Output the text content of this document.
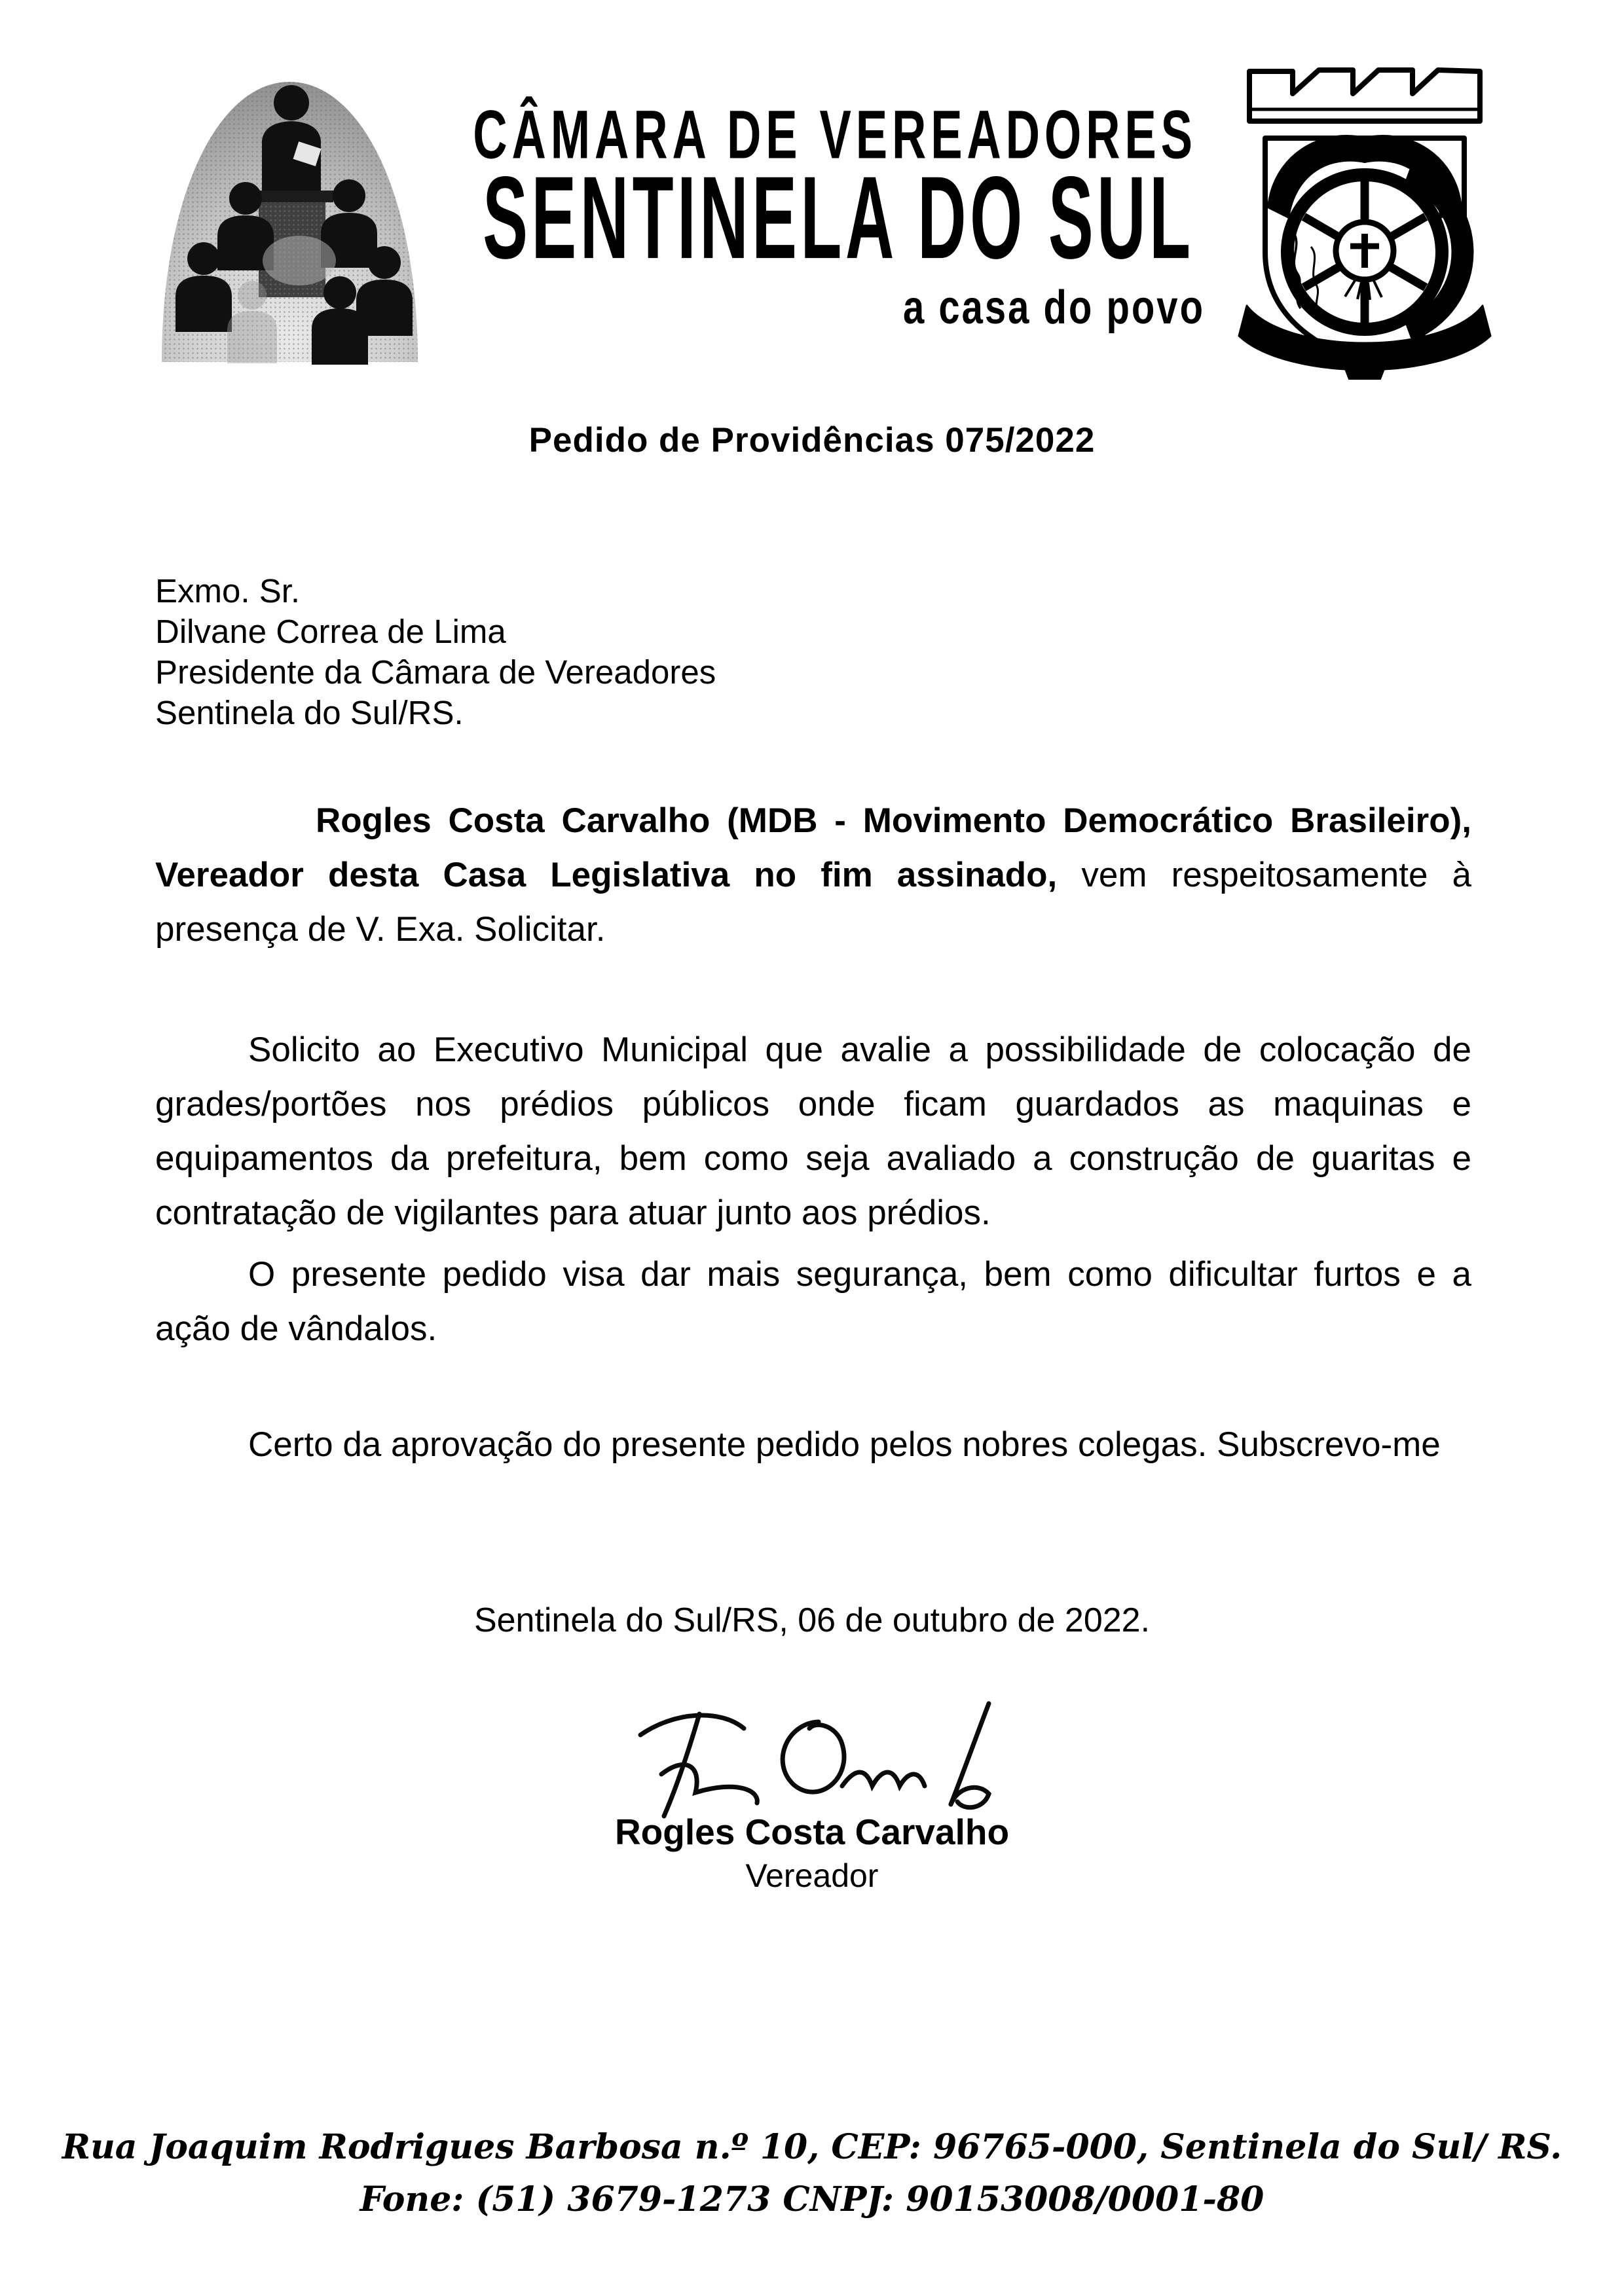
CÂMARA DE VEREADORES
SENTINELA DO SUL
a casa do povo
Pedido de Providências 075/2022
Exmo. Sr.
Dilvane Correa de Lima
Presidente da Câmara de Vereadores
Sentinela do Sul/RS.

Rogles Costa Carvalho (MDB - Movimento Democrático Brasileiro), Vereador desta Casa Legislativa no fim assinado, vem respeitosamente à presença de V. Exa. Solicitar.

Solicito ao Executivo Municipal que avalie a possibilidade de colocação de grades/portões nos prédios públicos onde ficam guardados as maquinas e equipamentos da prefeitura, bem como seja avaliado a construção de guaritas e contratação de vigilantes para atuar junto aos prédios.

O presente pedido visa dar mais segurança, bem como dificultar furtos e a ação de vândalos.

Certo da aprovação do presente pedido pelos nobres colegas. Subscrevo-me

Sentinela do Sul/RS, 06 de outubro de 2022.
Rogles Costa Carvalho
Vereador
Rua Joaquim Rodrigues Barbosa n.º 10, CEP: 96765-000, Sentinela do Sul/ RS.
Fone: (51) 3679-1273 CNPJ: 90153008/0001-80
